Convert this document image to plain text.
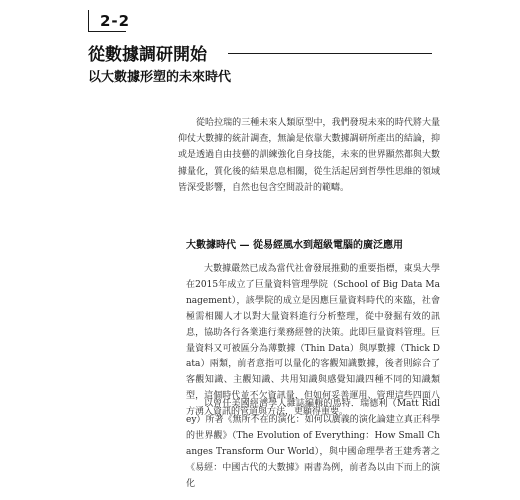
2-2
從數據調研開始
以大數據形塑的未來時代

從哈拉瑞的三種未來人類原型中，我們發現未來的時代將大量仰仗大數據的統計調查，無論是依靠大數據調研所產出的結論，抑或是透過自由技藝的訓練強化自身技能，未來的世界顯然都與大數據量化，質化後的結果息息相關，從生活起居到哲學性思維的領域皆深受影響，自然也包含空間設計的範疇。

大數據時代 — 從易經風水到超級電腦的廣泛應用

大數據嚴然已成為當代社會發展推動的重要指標，東吳大學在2015年成立了巨量資料管理學院（School of Big Data Management），該學院的成立是因應巨量資料時代的來臨，社會極需相關人才以對大量資料進行分析整理，從中發掘有效的訊息，協助各行各業進行業務經營的決策。此即巨量資料管理。巨量資料又可被區分為薄數據（Thin Data）與厚數據（Thick Data）兩類，前者意指可以量化的客觀知識數據，後者則綜合了客觀知識、主觀知識、共用知識與感覺知識四種不同的知識類型，這個時代並不欠資訊量，但如何妥善運用、管理這些四面八方湧入資訊的管道與方法，更顯得重要。

以曾任美國經濟學人雜誌編輯的馬特．瑞德利（Matt Ridley）所著《無所不在的演化：如何以廣義的演化論建立真正科學的世界觀》（The Evolution of Everything：How Small Changes Transform Our World），與中國命理學者王建秀著之《易經：中國古代的大數據》兩書為例，前者為以由下而上的演化
